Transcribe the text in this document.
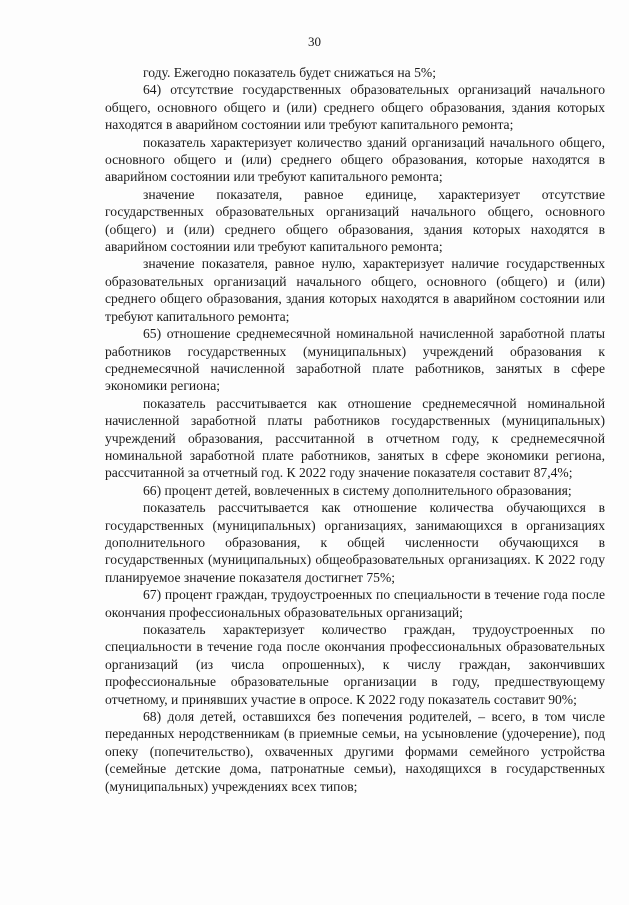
30

году. Ежегодно показатель будет снижаться на 5%;

64) отсутствие государственных образовательных организаций начального общего, основного общего и (или) среднего общего образования, здания которых находятся в аварийном состоянии или требуют капитального ремонта;

показатель характеризует количество зданий организаций начального общего, основного общего и (или) среднего общего образования, которые находятся в аварийном состоянии или требуют капитального ремонта;

значение показателя, равное единице, характеризует отсутствие государственных образовательных организаций начального общего, основного (общего) и (или) среднего общего образования, здания которых находятся в аварийном состоянии или требуют капитального ремонта;

значение показателя, равное нулю, характеризует наличие государственных образовательных организаций начального общего, основного (общего) и (или) среднего общего образования, здания которых находятся в аварийном состоянии или требуют капитального ремонта;

65) отношение среднемесячной номинальной начисленной заработной платы работников государственных (муниципальных) учреждений образования к среднемесячной начисленной заработной плате работников, занятых в сфере экономики региона;

показатель рассчитывается как отношение среднемесячной номинальной начисленной заработной платы работников государственных (муниципальных) учреждений образования, рассчитанной в отчетном году, к среднемесячной номинальной заработной плате работников, занятых в сфере экономики региона, рассчитанной за отчетный год. К 2022 году значение показателя составит 87,4%;

66) процент детей, вовлеченных в систему дополнительного образования;

показатель рассчитывается как отношение количества обучающихся в государственных (муниципальных) организациях, занимающихся в организациях дополнительного образования, к общей численности обучающихся в государственных (муниципальных) общеобразовательных организациях. К 2022 году планируемое значение показателя достигнет 75%;

67) процент граждан, трудоустроенных по специальности в течение года после окончания профессиональных образовательных организаций;

показатель характеризует количество граждан, трудоустроенных по специальности в течение года после окончания профессиональных образовательных организаций (из числа опрошенных), к числу граждан, закончивших профессиональные образовательные организации в году, предшествующему отчетному, и принявших участие в опросе. К 2022 году показатель составит 90%;

68) доля детей, оставшихся без попечения родителей, – всего, в том числе переданных неродственникам (в приемные семьи, на усыновление (удочерение), под опеку (попечительство), охваченных другими формами семейного устройства (семейные детские дома, патронатные семьи), находящихся в государственных (муниципальных) учреждениях всех типов;
